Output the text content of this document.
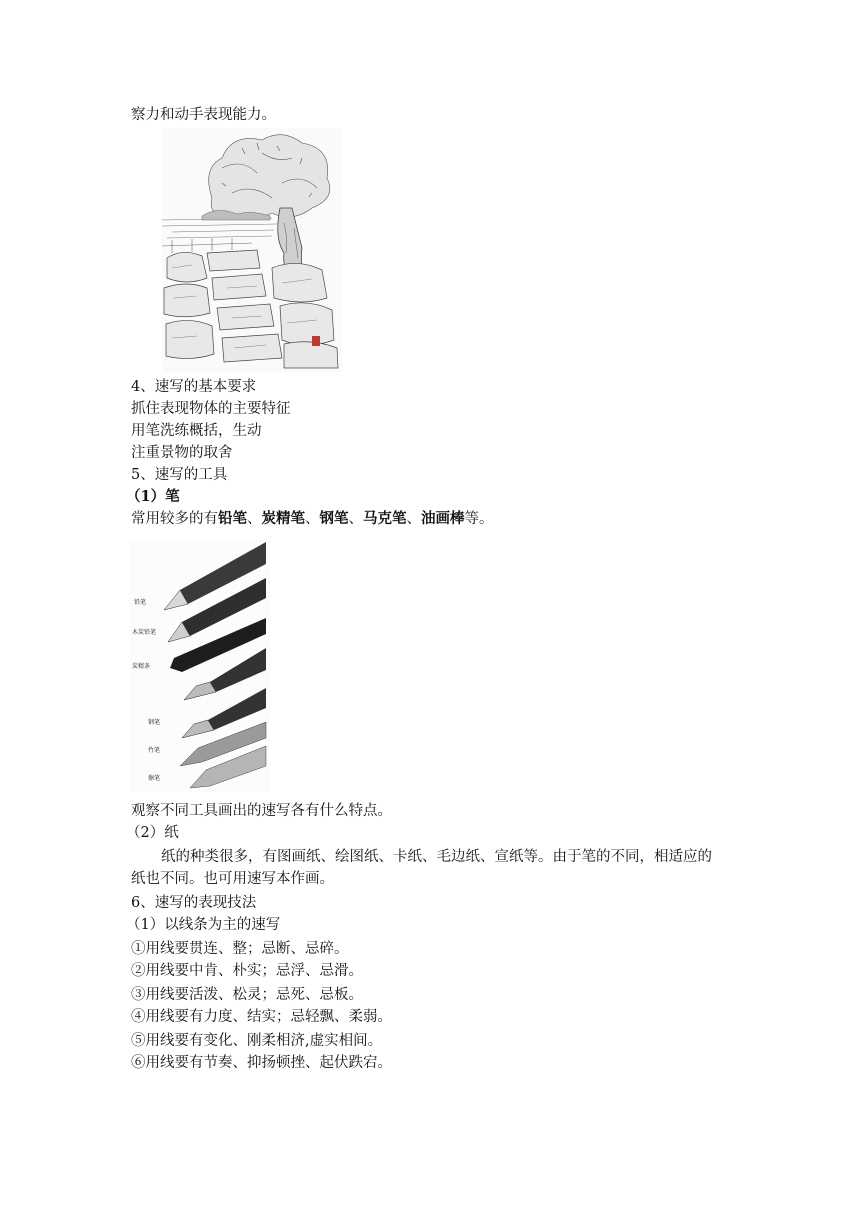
察力和动手表现能力。
4、速写的基本要求
抓住表现物体的主要特征
用笔洗练概括，生动
注重景物的取舍
5、速写的工具
（1）笔
常用较多的有铅笔、炭精笔、钢笔、马克笔、油画棒等。
铅笔
木炭铅笔
炭精条
钢笔
竹笔
擦笔
观察不同工具画出的速写各有什么特点。
（2）纸
纸的种类很多，有图画纸、绘图纸、卡纸、毛边纸、宣纸等。由于笔的不同，相适应的
纸也不同。也可用速写本作画。
6、速写的表现技法
（1）以线条为主的速写
①用线要贯连、整；忌断、忌碎。
②用线要中肯、朴实；忌浮、忌滑。
③用线要活泼、松灵；忌死、忌板。
④用线要有力度、结实；忌轻飘、柔弱。
⑤用线要有变化、刚柔相济,虚实相间。
⑥用线要有节奏、抑扬顿挫、起伏跌宕。
